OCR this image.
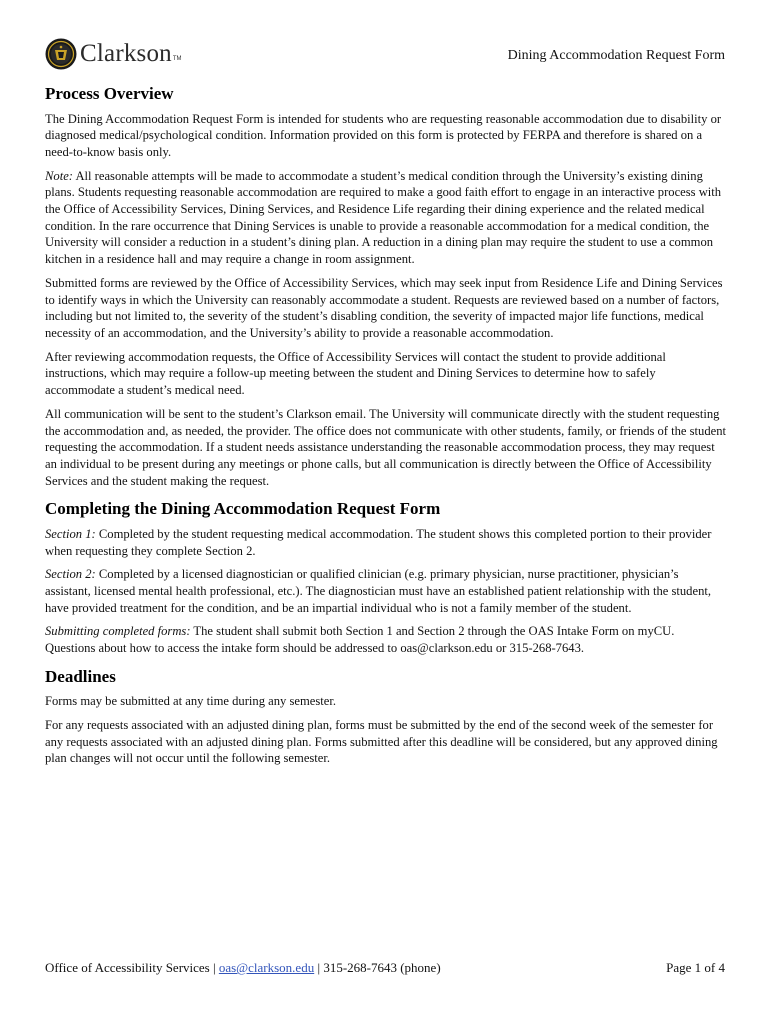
Clarkson TM	Dining Accommodation Request Form
Process Overview

The Dining Accommodation Request Form is intended for students who are requesting reasonable accommodation due to disability or diagnosed medical/psychological condition. Information provided on this form is protected by FERPA and therefore is shared on a need-to-know basis only.

Note: All reasonable attempts will be made to accommodate a student’s medical condition through the University’s existing dining plans. Students requesting reasonable accommodation are required to make a good faith effort to engage in an interactive process with the Office of Accessibility Services, Dining Services, and Residence Life regarding their dining experience and the related medical condition. In the rare occurrence that Dining Services is unable to provide a reasonable accommodation for a medical condition, the University will consider a reduction in a student’s dining plan. A reduction in a dining plan may require the student to use a common kitchen in a residence hall and may require a change in room assignment.

Submitted forms are reviewed by the Office of Accessibility Services, which may seek input from Residence Life and Dining Services to identify ways in which the University can reasonably accommodate a student. Requests are reviewed based on a number of factors, including but not limited to, the severity of the student’s disabling condition, the severity of impacted major life functions, medical necessity of an accommodation, and the University’s ability to provide a reasonable accommodation.

After reviewing accommodation requests, the Office of Accessibility Services will contact the student to provide additional instructions, which may require a follow-up meeting between the student and Dining Services to determine how to safely accommodate a student’s medical need.

All communication will be sent to the student’s Clarkson email. The University will communicate directly with the student requesting the accommodation and, as needed, the provider. The office does not communicate with other students, family, or friends of the student requesting the accommodation. If a student needs assistance understanding the reasonable accommodation process, they may request an individual to be present during any meetings or phone calls, but all communication is directly between the Office of Accessibility Services and the student making the request.

Completing the Dining Accommodation Request Form

Section 1: Completed by the student requesting medical accommodation. The student shows this completed portion to their provider when requesting they complete Section 2.

Section 2: Completed by a licensed diagnostician or qualified clinician (e.g. primary physician, nurse practitioner, physician’s assistant, licensed mental health professional, etc.). The diagnostician must have an established patient relationship with the student, have provided treatment for the condition, and be an impartial individual who is not a family member of the student.

Submitting completed forms: The student shall submit both Section 1 and Section 2 through the OAS Intake Form on myCU. Questions about how to access the intake form should be addressed to oas@clarkson.edu or 315-268-7643.

Deadlines

Forms may be submitted at any time during any semester.

For any requests associated with an adjusted dining plan, forms must be submitted by the end of the second week of the semester for any requests associated with an adjusted dining plan. Forms submitted after this deadline will be considered, but any approved dining plan changes will not occur until the following semester.

Office of Accessibility Services | oas@clarkson.edu | 315-268-7643 (phone)	Page 1 of 4
